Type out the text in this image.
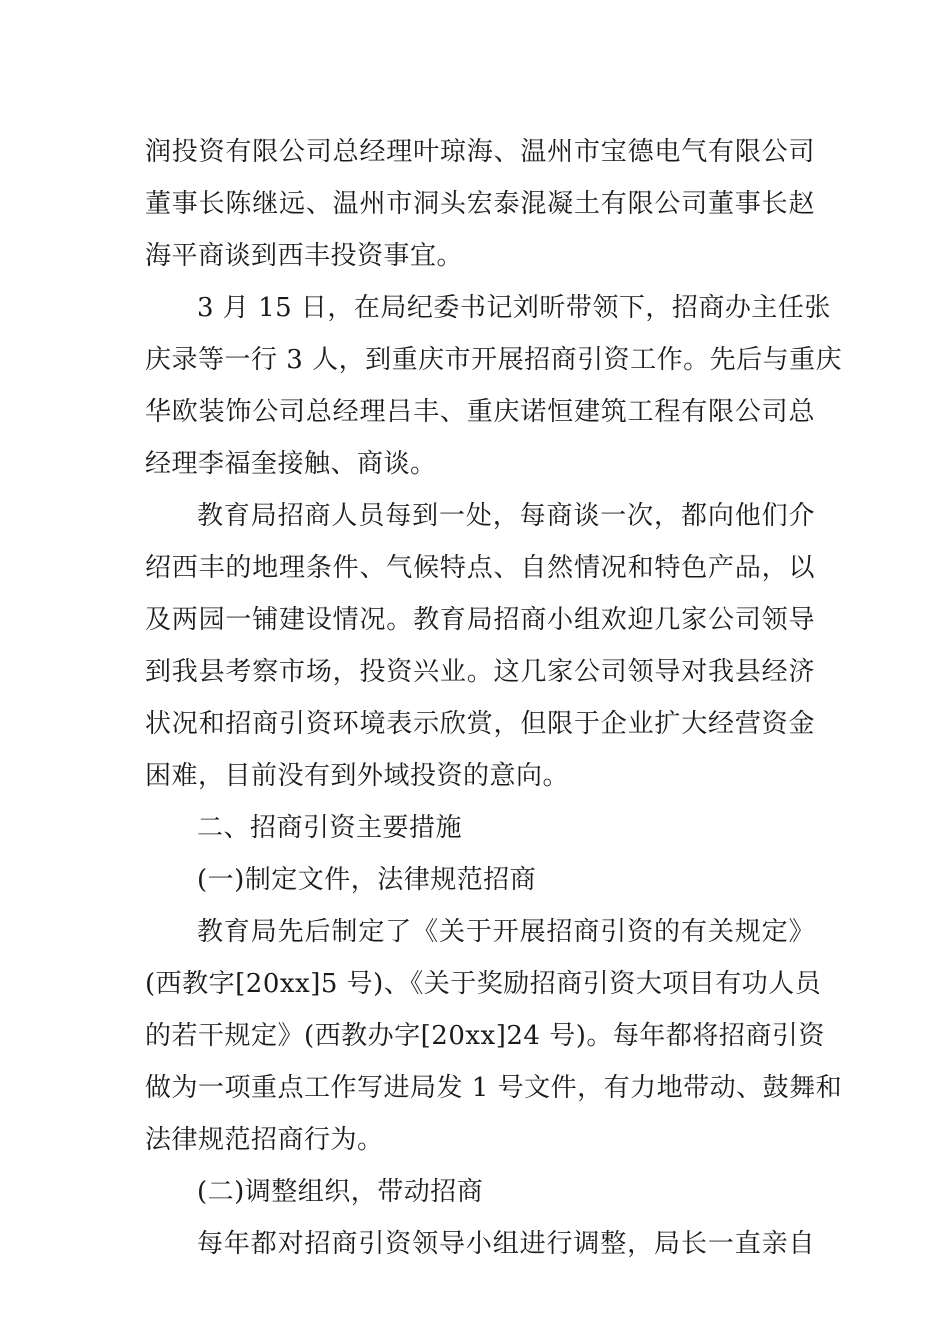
润投资有限公司总经理叶琼海、温州市宝德电气有限公司
董事长陈继远、温州市洞头宏泰混凝土有限公司董事长赵
海平商谈到西丰投资事宜。
3 月 15 日，在局纪委书记刘昕带领下，招商办主任张
庆录等一行 3 人，到重庆市开展招商引资工作。先后与重庆
华欧装饰公司总经理吕丰、重庆诺恒建筑工程有限公司总
经理李福奎接触、商谈。
教育局招商人员每到一处，每商谈一次，都向他们介
绍西丰的地理条件、气候特点、自然情况和特色产品，以
及两园一铺建设情况。教育局招商小组欢迎几家公司领导
到我县考察市场，投资兴业。这几家公司领导对我县经济
状况和招商引资环境表示欣赏，但限于企业扩大经营资金
困难，目前没有到外域投资的意向。
二、招商引资主要措施
(一)制定文件，法律规范招商
教育局先后制定了《关于开展招商引资的有关规定》
(西教字[20xx]5 号)、《关于奖励招商引资大项目有功人员
的若干规定》(西教办字[20xx]24 号)。每年都将招商引资
做为一项重点工作写进局发 1 号文件，有力地带动、鼓舞和
法律规范招商行为。
(二)调整组织，带动招商
每年都对招商引资领导小组进行调整，局长一直亲自
